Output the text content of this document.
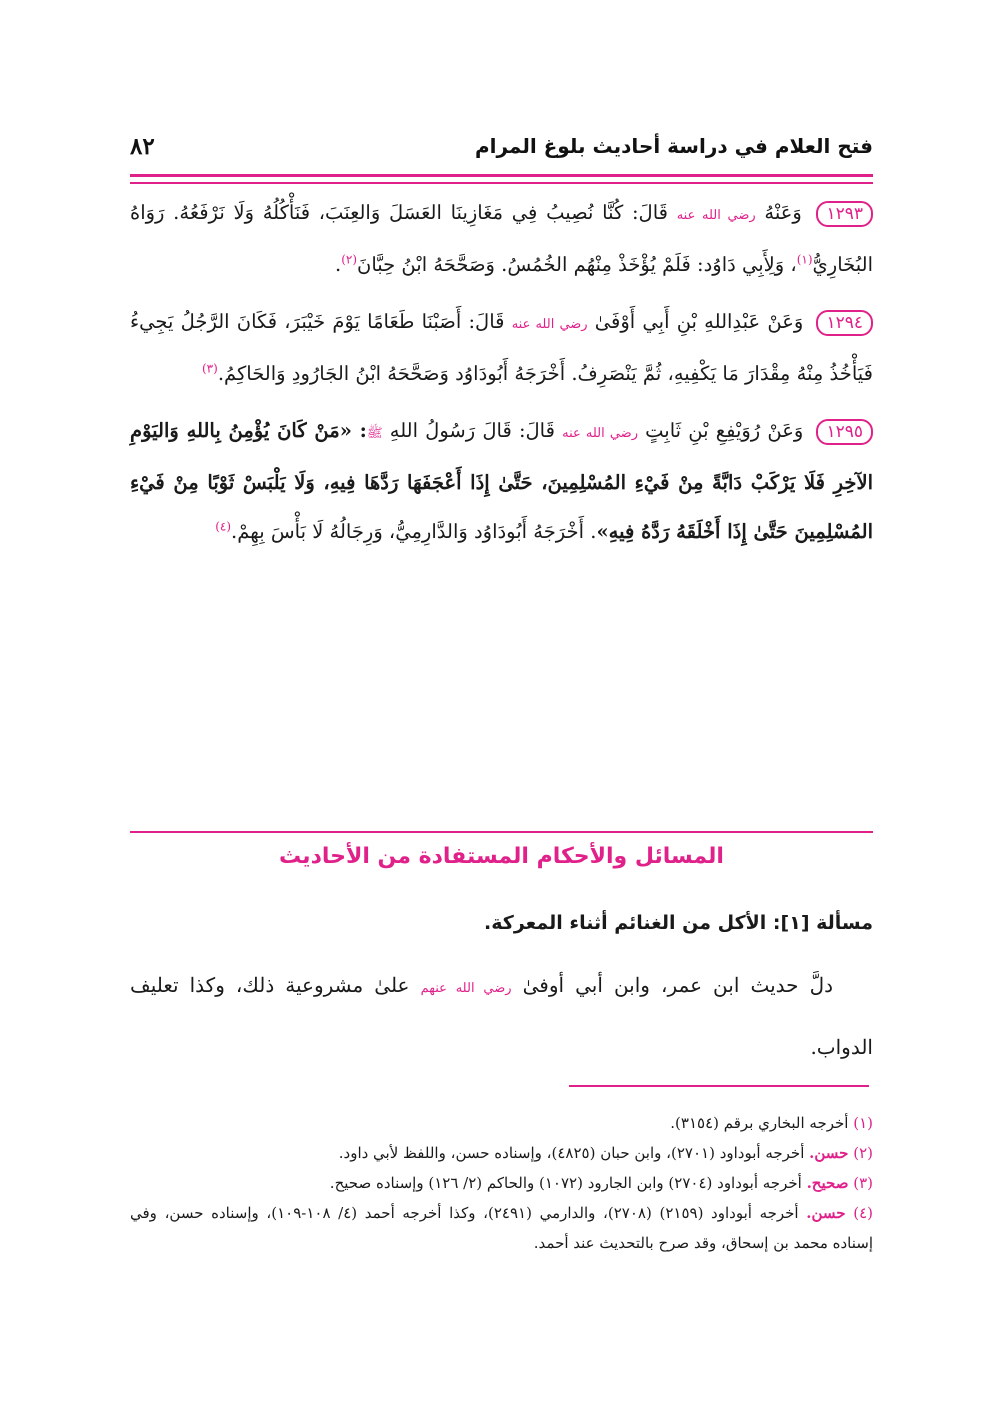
فتح العلام في دراسة أحاديث بلوغ المرام
٨٢

١٢٩٣ وَعَنْهُ رضي الله عنه قَالَ: كُنَّا نُصِيبُ فِي مَغَازِينَا العَسَلَ وَالعِنَبَ، فَنَأْكُلُهُ وَلَا نَرْفَعُهُ. رَوَاهُ البُخَارِيُّ$^{(١)}$، وَلِأَبِي دَاوُد: فَلَمْ يُؤْخَذْ مِنْهُم الخُمُسُ. وَصَحَّحَهُ ابْنُ حِبَّانَ$^{(٢)}$.

١٢٩٤ وَعَنْ عَبْدِاللهِ بْنِ أَبِي أَوْفَىٰ رضي الله عنه قَالَ: أَصَبْنَا طَعَامًا يَوْمَ خَيْبَرَ، فَكَانَ الرَّجُلُ يَجِيءُ فَيَأْخُذُ مِنْهُ مِقْدَارَ مَا يَكْفِيهِ، ثُمَّ يَنْصَرِفُ. أَخْرَجَهُ أَبُودَاوُد وَصَحَّحَهُ ابْنُ الجَارُودِ وَالحَاكِمُ.$^{(٣)}$

١٢٩٥ وَعَنْ رُوَيْفِعِ بْنِ ثَابِتٍ رضي الله عنه قَالَ: قَالَ رَسُولُ اللهِ ﷺ: «مَنْ كَانَ يُؤْمِنُ بِاللهِ وَاليَوْمِ الآخِرِ فَلَا يَرْكَبْ دَابَّةً مِنْ فَيْءِ المُسْلِمِينَ، حَتَّىٰ إِذَا أَعْجَفَهَا رَدَّهَا فِيهِ، وَلَا يَلْبَسْ ثَوْبًا مِنْ فَيْءِ المُسْلِمِينَ حَتَّىٰ إِذَا أَخْلَقَهُ رَدَّهُ فِيهِ». أَخْرَجَهُ أَبُودَاوُد وَالدَّارِمِيُّ، وَرِجَالُهُ لَا بَأْسَ بِهِمْ.$^{(٤)}$

المسائل والأحكام المستفادة من الأحاديث
مسألة [١]: الأكل من الغنائم أثناء المعركة.
دلَّ حديث ابن عمر، وابن أبي أوفىٰ رضي الله عنهم علىٰ مشروعية ذلك، وكذا تعليف الدواب.

(١) أخرجه البخاري برقم (٣١٥٤).

(٢) حسن. أخرجه أبوداود (٢٧٠١)، وابن حبان (٤٨٢٥)، وإسناده حسن، واللفظ لأبي داود.

(٣) صحيح. أخرجه أبوداود (٢٧٠٤) وابن الجارود (١٠٧٢) والحاكم (٢/ ١٢٦) وإسناده صحيح.

(٤) حسن. أخرجه أبوداود (٢١٥٩) (٢٧٠٨)، والدارمي (٢٤٩١)، وكذا أخرجه أحمد (٤/ ١٠٨-١٠٩)، وإسناده حسن، وفي إسناده محمد بن إسحاق، وقد صرح بالتحديث عند أحمد.
